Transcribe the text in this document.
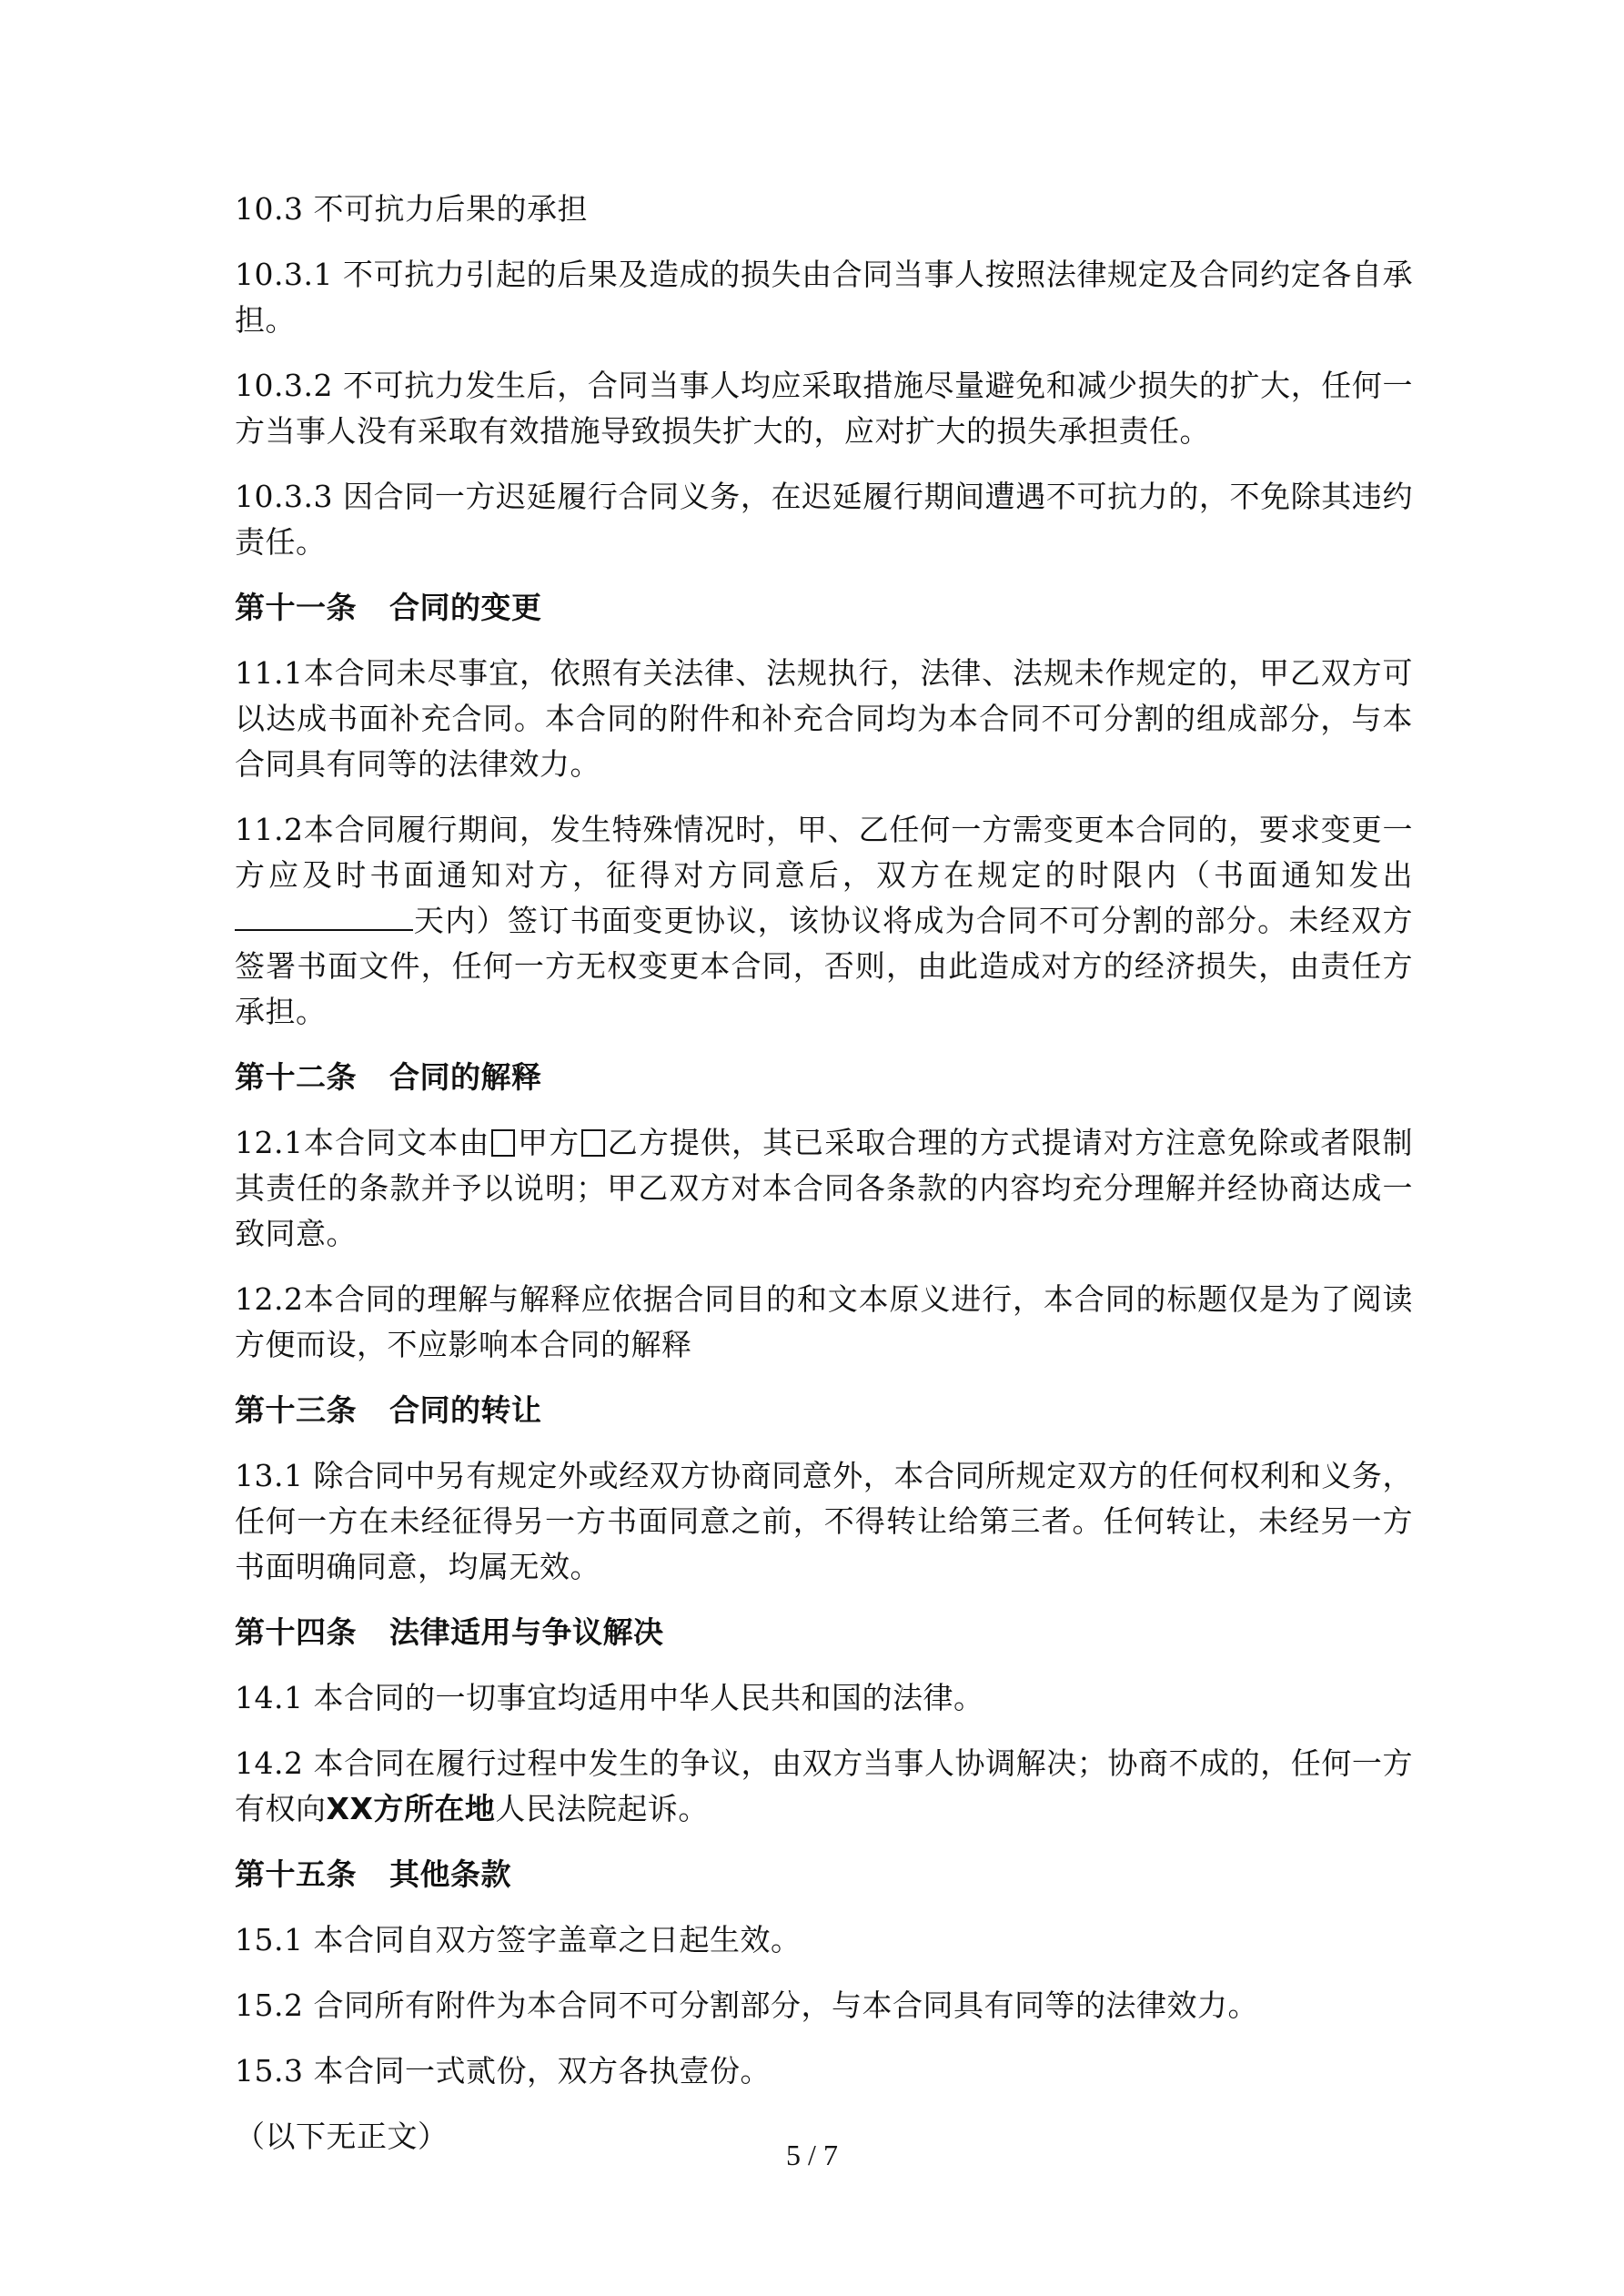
10.3 不可抗力后果的承担

10.3.1 不可抗力引起的后果及造成的损失由合同当事人按照法律规定及合同约定各自承担。

10.3.2 不可抗力发生后，合同当事人均应采取措施尽量避免和减少损失的扩大，任何一方当事人没有采取有效措施导致损失扩大的，应对扩大的损失承担责任。

10.3.3 因合同一方迟延履行合同义务，在迟延履行期间遭遇不可抗力的，不免除其违约责任。

第十一条 合同的变更

11.1本合同未尽事宜，依照有关法律、法规执行，法律、法规未作规定的，甲乙双方可以达成书面补充合同。本合同的附件和补充合同均为本合同不可分割的组成部分，与本合同具有同等的法律效力。

11.2本合同履行期间，发生特殊情况时，甲、乙任何一方需变更本合同的，要求变更一方应及时书面通知对方，征得对方同意后，双方在规定的时限内（书面通知发出天内）签订书面变更协议，该协议将成为合同不可分割的部分。未经双方签署书面文件，任何一方无权变更本合同，否则，由此造成对方的经济损失，由责任方承担。

第十二条 合同的解释

12.1本合同文本由 甲方 乙方提供，其已采取合理的方式提请对方注意免除或者限制其责任的条款并予以说明；甲乙双方对本合同各条款的内容均充分理解并经协商达成一致同意。

12.2本合同的理解与解释应依据合同目的和文本原义进行，本合同的标题仅是为了阅读方便而设，不应影响本合同的解释

第十三条 合同的转让

13.1 除合同中另有规定外或经双方协商同意外，本合同所规定双方的任何权利和义务，任何一方在未经征得另一方书面同意之前，不得转让给第三者。任何转让，未经另一方书面明确同意，均属无效。

第十四条 法律适用与争议解决

14.1 本合同的一切事宜均适用中华人民共和国的法律。

14.2 本合同在履行过程中发生的争议，由双方当事人协调解决；协商不成的，任何一方有权向XX方所在地人民法院起诉。

第十五条 其他条款

15.1 本合同自双方签字盖章之日起生效。

15.2 合同所有附件为本合同不可分割部分，与本合同具有同等的法律效力。

15.3 本合同一式贰份，双方各执壹份。

（以下无正文）

5 / 7
